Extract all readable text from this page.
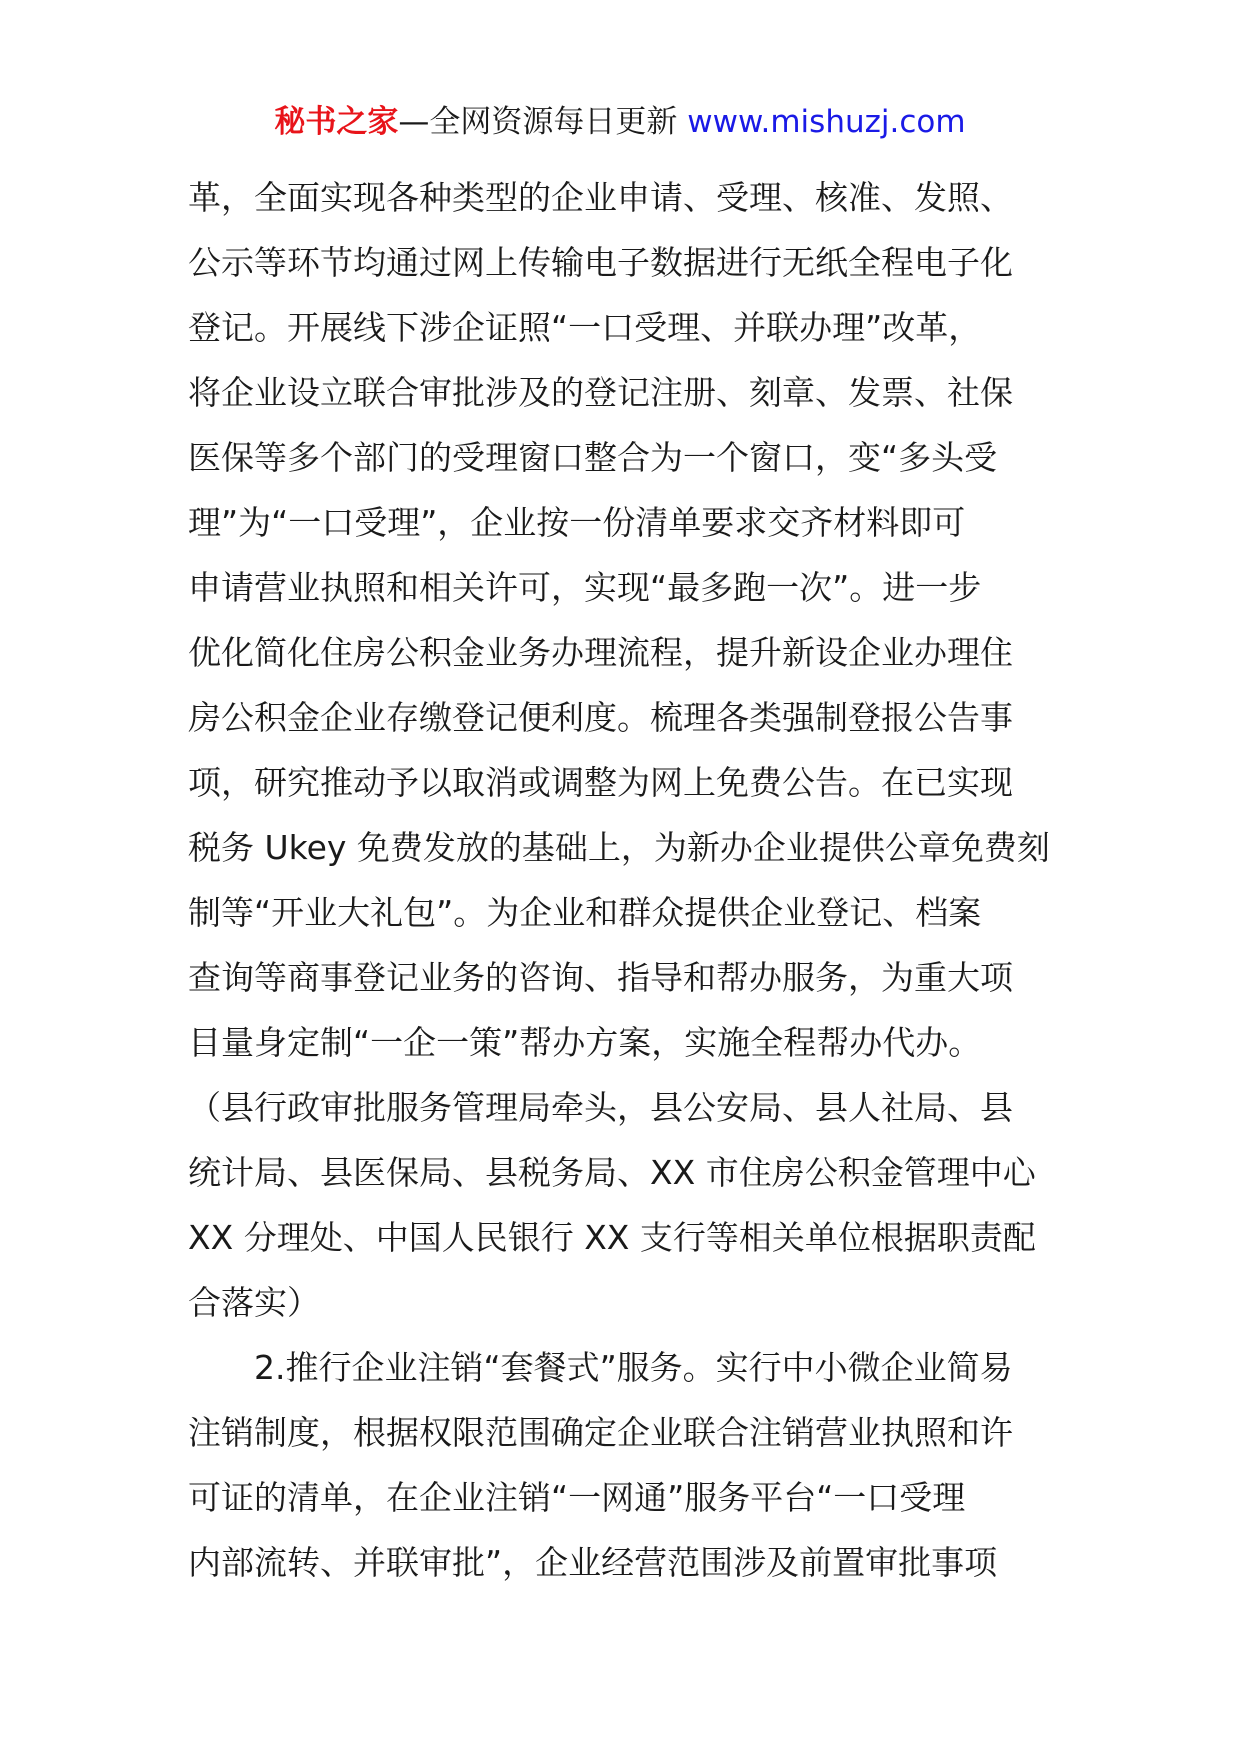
秘书之家—全网资源每日更新 www.mishuzj.com
革，全面实现各种类型的企业申请、受理、核准、发照、
公示等环节均通过网上传输电子数据进行无纸全程电子化
登记。开展线下涉企证照“一口受理、并联办理”改革，
将企业设立联合审批涉及的登记注册、刻章、发票、社保
医保等多个部门的受理窗口整合为一个窗口，变“多头受
理”为“一口受理”，企业按一份清单要求交齐材料即可
申请营业执照和相关许可，实现“最多跑一次”。进一步
优化简化住房公积金业务办理流程，提升新设企业办理住
房公积金企业存缴登记便利度。梳理各类强制登报公告事
项，研究推动予以取消或调整为网上免费公告。在已实现
税务 Ukey 免费发放的基础上，为新办企业提供公章免费刻
制等“开业大礼包”。为企业和群众提供企业登记、档案
查询等商事登记业务的咨询、指导和帮办服务，为重大项
目量身定制“一企一策”帮办方案，实施全程帮办代办。
（县行政审批服务管理局牵头，县公安局、县人社局、县
统计局、县医保局、县税务局、XX 市住房公积金管理中心
XX 分理处、中国人民银行 XX 支行等相关单位根据职责配
合落实）
2.推行企业注销“套餐式”服务。实行中小微企业简易
注销制度，根据权限范围确定企业联合注销营业执照和许
可证的清单，在企业注销“一网通”服务平台“一口受理
内部流转、并联审批”，企业经营范围涉及前置审批事项
